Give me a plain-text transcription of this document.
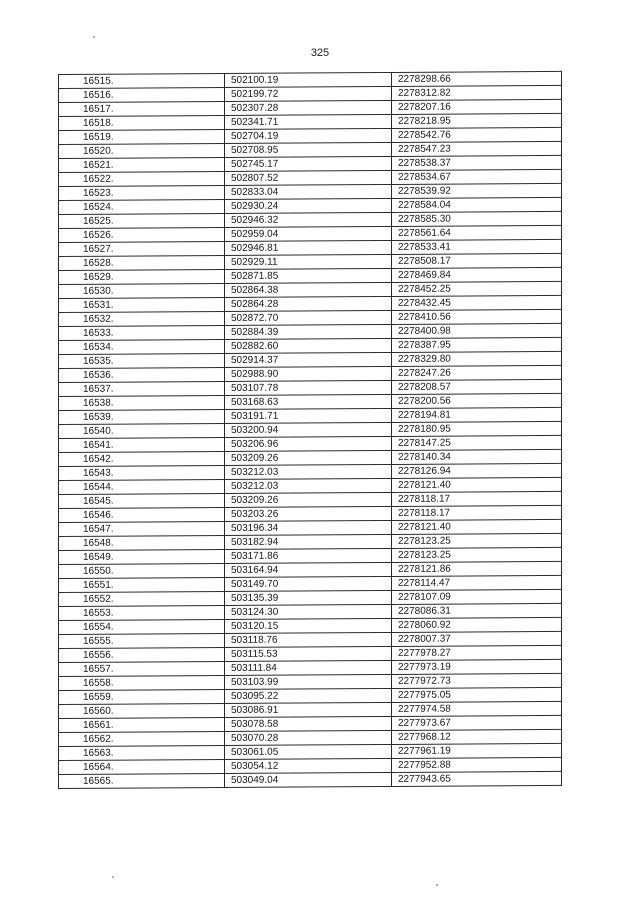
325
16515.	502100.19	2278298.66
16516.	502199.72	2278312.82
16517.	502307.28	2278207.16
16518.	502341.71	2278218.95
16519.	502704.19	2278542.76
16520.	502708.95	2278547.23
16521.	502745.17	2278538.37
16522.	502807.52	2278534.67
16523.	502833.04	2278539.92
16524.	502930.24	2278584.04
16525.	502946.32	2278585.30
16526.	502959.04	2278561.64
16527.	502946.81	2278533.41
16528.	502929.11	2278508.17
16529.	502871.85	2278469.84
16530.	502864.38	2278452.25
16531.	502864.28	2278432.45
16532.	502872.70	2278410.56
16533.	502884.39	2278400.98
16534.	502882.60	2278387.95
16535.	502914.37	2278329.80
16536.	502988.90	2278247.26
16537.	503107.78	2278208.57
16538.	503168.63	2278200.56
16539.	503191.71	2278194.81
16540.	503200.94	2278180.95
16541.	503206.96	2278147.25
16542.	503209.26	2278140.34
16543.	503212.03	2278126.94
16544.	503212.03	2278121.40
16545.	503209.26	2278118.17
16546.	503203.26	2278118.17
16547.	503196.34	2278121.40
16548.	503182.94	2278123.25
16549.	503171.86	2278123.25
16550.	503164.94	2278121.86
16551.	503149.70	2278114.47
16552.	503135.39	2278107.09
16553.	503124.30	2278086.31
16554.	503120.15	2278060.92
16555.	503118.76	2278007.37
16556.	503115.53	2277978.27
16557.	503111.84	2277973.19
16558.	503103.99	2277972.73
16559.	503095.22	2277975.05
16560.	503086.91	2277974.58
16561.	503078.58	2277973.67
16562.	503070.28	2277968.12
16563.	503061.05	2277961.19
16564.	503054.12	2277952.88
16565.	503049.04	2277943.65
